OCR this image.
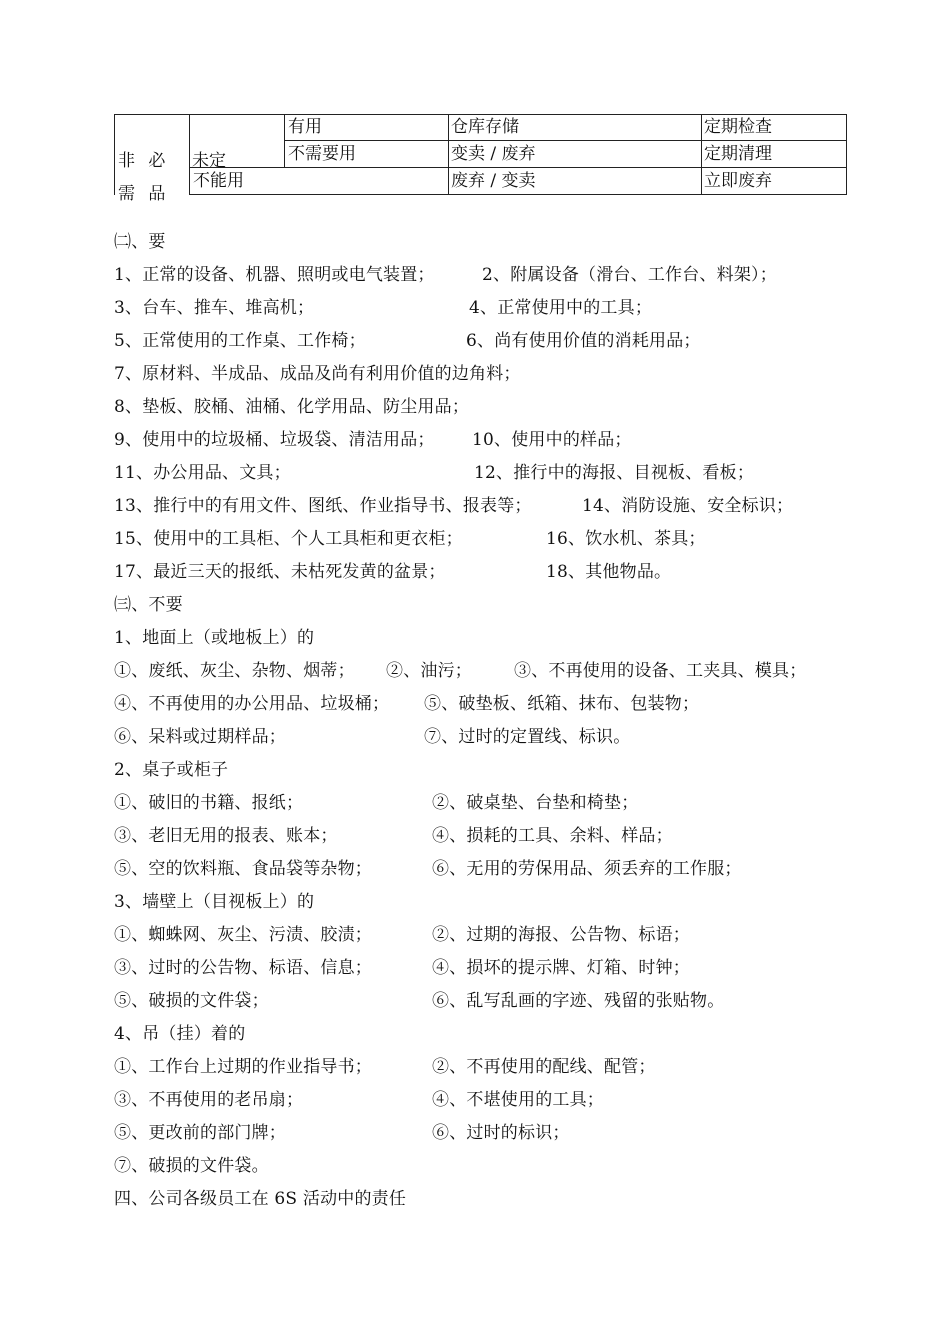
非 必
需 品
未定
有用	仓库存储	定期检查
不需要用	变卖 / 废弃	定期清理
不能用	废弃 / 变卖	立即废弃
㈡、要
1、正常的设备、机器、照明或电气装置；	2、附属设备（滑台、工作台、料架）；
3、台车、推车、堆高机；	4、正常使用中的工具；
5、正常使用的工作桌、工作椅；	6、尚有使用价值的消耗用品；
7、原材料、半成品、成品及尚有利用价值的边角料；
8、垫板、胶桶、油桶、化学用品、防尘用品；
9、使用中的垃圾桶、垃圾袋、清洁用品； 10、使用中的样品；
11、办公用品、文具；	12、推行中的海报、目视板、看板；
13、推行中的有用文件、图纸、作业指导书、报表等；	14、消防设施、安全标识；
15、使用中的工具柜、个人工具柜和更衣柜；	16、饮水机、茶具；
17、最近三天的报纸、未枯死发黄的盆景；	18、其他物品。
㈢、不要
1、地面上（或地板上）的
①、废纸、灰尘、杂物、烟蒂； ②、油污； ③、不再使用的设备、工夹具、模具；
④、不再使用的办公用品、垃圾桶； ⑤、破垫板、纸箱、抹布、包装物；
⑥、呆料或过期样品；	⑦、过时的定置线、标识。
2、桌子或柜子
①、破旧的书籍、报纸；	②、破桌垫、台垫和椅垫；
③、老旧无用的报表、账本；	④、损耗的工具、余料、样品；
⑤、空的饮料瓶、食品袋等杂物；	⑥、无用的劳保用品、须丢弃的工作服；
3、墙壁上（目视板上）的
①、蜘蛛网、灰尘、污渍、胶渍；	②、过期的海报、公告物、标语；
③、过时的公告物、标语、信息；	④、损坏的提示牌、灯箱、时钟；
⑤、破损的文件袋；	⑥、乱写乱画的字迹、残留的张贴物。
4、吊（挂）着的
①、工作台上过期的作业指导书；	②、不再使用的配线、配管；
③、不再使用的老吊扇；	④、不堪使用的工具；
⑤、更改前的部门牌；	⑥、过时的标识；
⑦、破损的文件袋。
四、公司各级员工在 6S 活动中的责任
